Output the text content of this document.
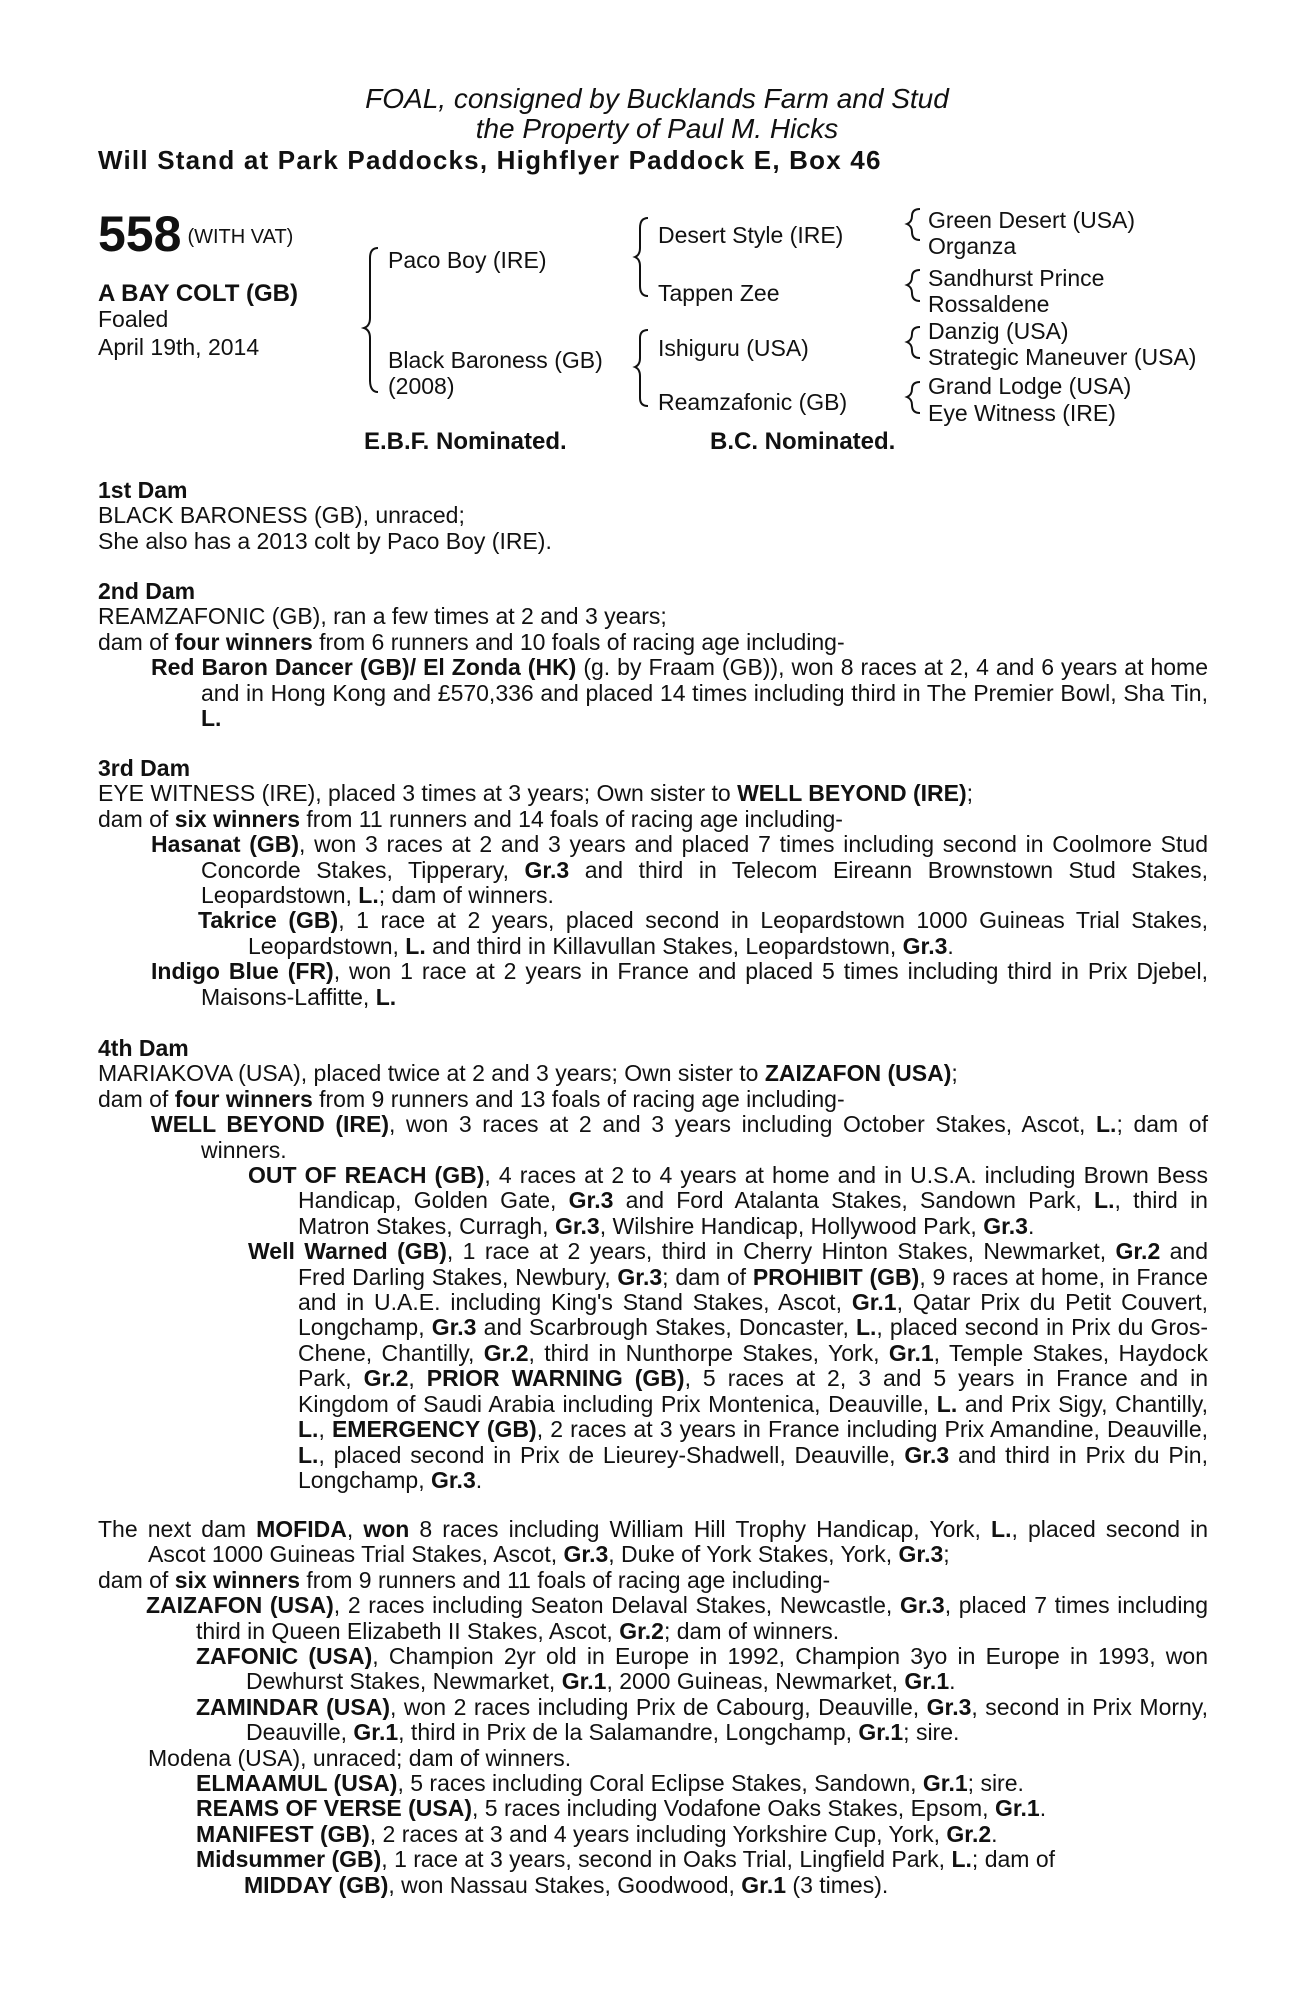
FOAL, consigned by Bucklands Farm and Stud
the Property of Paul M. Hicks
Will Stand at Park Paddocks, Highflyer Paddock E, Box 46
558 (WITH VAT)
A BAY COLT (GB)
Foaled
April 19th, 2014
Paco Boy (IRE)
Black Baroness (GB)
(2008)
Desert Style (IRE)
Tappen Zee
Ishiguru (USA)
Reamzafonic (GB)
Green Desert (USA)
Organza
Sandhurst Prince
Rossaldene
Danzig (USA)
Strategic Maneuver (USA)
Grand Lodge (USA)
Eye Witness (IRE)
E.B.F. Nominated.	B.C. Nominated.

1st Dam

BLACK BARONESS (GB), unraced;

She also has a 2013 colt by Paco Boy (IRE).

2nd Dam

REAMZAFONIC (GB), ran a few times at 2 and 3 years;

dam of four winners from 6 runners and 10 foals of racing age including-

Red Baron Dancer (GB)/ El Zonda (HK) (g. by Fraam (GB)), won 8 races at 2, 4 and 6 years at home and in Hong Kong and £570,336 and placed 14 times including third in The Premier Bowl, Sha Tin, L.

3rd Dam

EYE WITNESS (IRE), placed 3 times at 3 years; Own sister to WELL BEYOND (IRE);

dam of six winners from 11 runners and 14 foals of racing age including-

Hasanat (GB), won 3 races at 2 and 3 years and placed 7 times including second in Coolmore Stud Concorde Stakes, Tipperary, Gr.3 and third in Telecom Eireann Brownstown Stud Stakes, Leopardstown, L.; dam of winners.

Takrice (GB), 1 race at 2 years, placed second in Leopardstown 1000 Guineas Trial Stakes, Leopardstown, L. and third in Killavullan Stakes, Leopardstown, Gr.3.

Indigo Blue (FR), won 1 race at 2 years in France and placed 5 times including third in Prix Djebel, Maisons-Laffitte, L.

4th Dam

MARIAKOVA (USA), placed twice at 2 and 3 years; Own sister to ZAIZAFON (USA);

dam of four winners from 9 runners and 13 foals of racing age including-

WELL BEYOND (IRE), won 3 races at 2 and 3 years including October Stakes, Ascot, L.; dam of winners.

OUT OF REACH (GB), 4 races at 2 to 4 years at home and in U.S.A. including Brown Bess Handicap, Golden Gate, Gr.3 and Ford Atalanta Stakes, Sandown Park, L., third in Matron Stakes, Curragh, Gr.3, Wilshire Handicap, Hollywood Park, Gr.3.

Well Warned (GB), 1 race at 2 years, third in Cherry Hinton Stakes, Newmarket, Gr.2 and Fred Darling Stakes, Newbury, Gr.3; dam of PROHIBIT (GB), 9 races at home, in France and in U.A.E. including King's Stand Stakes, Ascot, Gr.1, Qatar Prix du Petit Couvert, Longchamp, Gr.3 and Scarbrough Stakes, Doncaster, L., placed second in Prix du Gros-Chene, Chantilly, Gr.2, third in Nunthorpe Stakes, York, Gr.1, Temple Stakes, Haydock Park, Gr.2, PRIOR WARNING (GB), 5 races at 2, 3 and 5 years in France and in Kingdom of Saudi Arabia including Prix Montenica, Deauville, L. and Prix Sigy, Chantilly, L., EMERGENCY (GB), 2 races at 3 years in France including Prix Amandine, Deauville, L., placed second in Prix de Lieurey-Shadwell, Deauville, Gr.3 and third in Prix du Pin, Longchamp, Gr.3.

The next dam MOFIDA, won 8 races including William Hill Trophy Handicap, York, L., placed second in Ascot 1000 Guineas Trial Stakes, Ascot, Gr.3, Duke of York Stakes, York, Gr.3;

dam of six winners from 9 runners and 11 foals of racing age including-

ZAIZAFON (USA), 2 races including Seaton Delaval Stakes, Newcastle, Gr.3, placed 7 times including third in Queen Elizabeth II Stakes, Ascot, Gr.2; dam of winners.

ZAFONIC (USA), Champion 2yr old in Europe in 1992, Champion 3yo in Europe in 1993, won Dewhurst Stakes, Newmarket, Gr.1, 2000 Guineas, Newmarket, Gr.1.

ZAMINDAR (USA), won 2 races including Prix de Cabourg, Deauville, Gr.3, second in Prix Morny, Deauville, Gr.1, third in Prix de la Salamandre, Longchamp, Gr.1; sire.

Modena (USA), unraced; dam of winners.

ELMAAMUL (USA), 5 races including Coral Eclipse Stakes, Sandown, Gr.1; sire.

REAMS OF VERSE (USA), 5 races including Vodafone Oaks Stakes, Epsom, Gr.1.

MANIFEST (GB), 2 races at 3 and 4 years including Yorkshire Cup, York, Gr.2.

Midsummer (GB), 1 race at 3 years, second in Oaks Trial, Lingfield Park, L.; dam of

MIDDAY (GB), won Nassau Stakes, Goodwood, Gr.1 (3 times).
